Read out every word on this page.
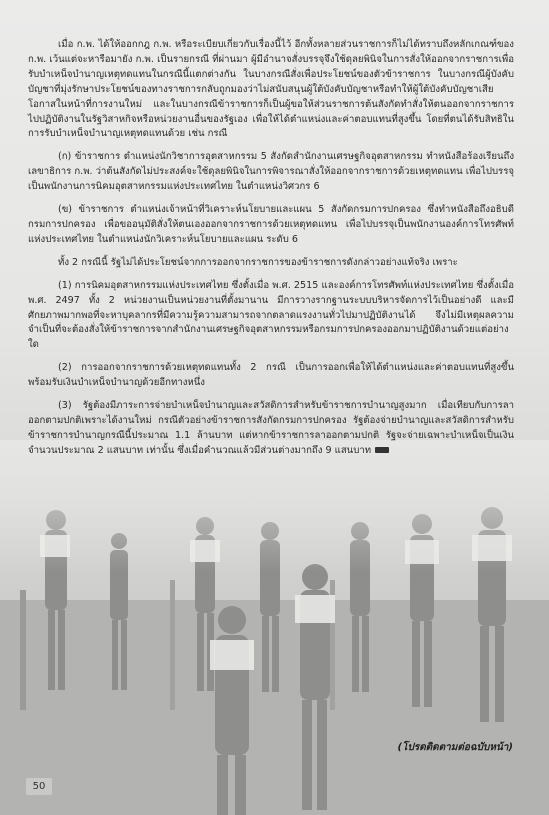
เมื่อ ก.พ. ได้ให้ออกกฎ ก.พ. หรือระเบียบเกี่ยวกับเรื่องนี้ไว้ อีกทั้งหลายส่วนราชการก็ไม่ได้ทราบถึงหลักเกณฑ์ของ ก.พ. เว้นแต่จะหารือมายัง ก.พ. เป็นรายกรณี ที่ผ่านมา ผู้มีอำนาจสั่งบรรจุจึงใช้ดุลยพินิจในการสั่งให้ออกจากราชการเพื่อรับบำเหน็จบำนาญเหตุทดแทนในกรณีนี้แตกต่างกัน ในบางกรณีสั่งเพื่อประโยชน์ของตัวข้าราชการ ในบางกรณีผู้บังคับบัญชาที่มุ่งรักษาประโยชน์ของทางราชการกลับถูกมองว่าไม่สนับสนุนผู้ใต้บังคับบัญชาหรือทำให้ผู้ใต้บังคับบัญชาเสียโอกาสในหน้าที่การงานใหม่ และในบางกรณีข้าราชการก็เป็นผู้ขอให้ส่วนราชการต้นสังกัดทำสั่งให้ตนออกจากราชการไปปฏิบัติงานในรัฐวิสาหกิจหรือหน่วยงานอื่นของรัฐเอง เพื่อให้ได้ตำแหน่งและค่าตอบแทนที่สูงขึ้น โดยที่ตนได้รับสิทธิในการรับบำเหน็จบำนาญเหตุทดแทนด้วย เช่น กรณี

(ก) ข้าราชการ ตำแหน่งนักวิชาการอุตสาหกรรม 5 สังกัดสำนักงานเศรษฐกิจอุตสาหกรรม ทำหนังสือร้องเรียนถึงเลขาธิการ ก.พ. ว่าต้นสังกัดไม่ประสงค์จะใช้ดุลยพินิจในการพิจารณาสั่งให้ออกจากราชการด้วยเหตุทดแทน เพื่อไปบรรจุเป็นพนักงานการนิคมอุตสาหกรรมแห่งประเทศไทย ในตำแหน่งวิศวกร 6

(ข) ข้าราชการ ตำแหน่งเจ้าหน้าที่วิเคราะห์นโยบายและแผน 5 สังกัดกรมการปกครอง ซึ่งทำหนังสือถึงอธิบดีกรมการปกครอง เพื่อขออนุมัติสั่งให้ตนเองออกจากราชการด้วยเหตุทดแทน เพื่อไปบรรจุเป็นพนักงานองค์การโทรศัพท์แห่งประเทศไทย ในตำแหน่งนักวิเคราะห์นโยบายและแผน ระดับ 6

ทั้ง 2 กรณีนี้ รัฐไม่ได้ประโยชน์จากการออกจากราชการของข้าราชการดังกล่าวอย่างแท้จริง เพราะ

(1) การนิคมอุตสาหกรรมแห่งประเทศไทย ซึ่งตั้งเมื่อ พ.ศ. 2515 และองค์การโทรศัพท์แห่งประเทศไทย ซึ่งตั้งเมื่อ พ.ศ. 2497 ทั้ง 2 หน่วยงานเป็นหน่วยงานที่ตั้งมานาน มีการวางรากฐานระบบบริหารจัดการไว้เป็นอย่างดี และมีศักยภาพมากพอที่จะหาบุคลากรที่มีความรู้ความสามารถจากตลาดแรงงานทั่วไปมาปฏิบัติงานได้ จึงไม่มีเหตุผลความจำเป็นที่จะต้องสั่งให้ข้าราชการจากสำนักงานเศรษฐกิจอุตสาหกรรมหรือกรมการปกครองออกมาปฏิบัติงานด้วยแต่อย่างใด

(2) การออกจากราชการด้วยเหตุทดแทนทั้ง 2 กรณี เป็นการออกเพื่อให้ได้ตำแหน่งและค่าตอบแทนที่สูงขึ้น พร้อมรับเงินบำเหน็จบำนาญด้วยอีกทางหนึ่ง

(3) รัฐต้องมีภาระการจ่ายบำเหน็จบำนาญและสวัสดิการสำหรับข้าราชการบำนาญสูงมาก เมื่อเทียบกับการลาออกตามปกติเพราะได้งานใหม่ กรณีตัวอย่างข้าราชการสังกัดกรมการปกครอง รัฐต้องจ่ายบำนาญและสวัสดิการสำหรับข้าราชการบำนาญกรณีนี้ประมาณ 1.1 ล้านบาท แต่หากข้าราชการลาออกตามปกติ รัฐจะจ่ายเฉพาะบำเหน็จเป็นเงินจำนวนประมาณ 2 แสนบาท เท่านั้น ซึ่งเมื่อคำนวณแล้วมีส่วนต่างมากถึง 9 แสนบาท

(โปรดติดตามต่อฉบับหน้า)
50
